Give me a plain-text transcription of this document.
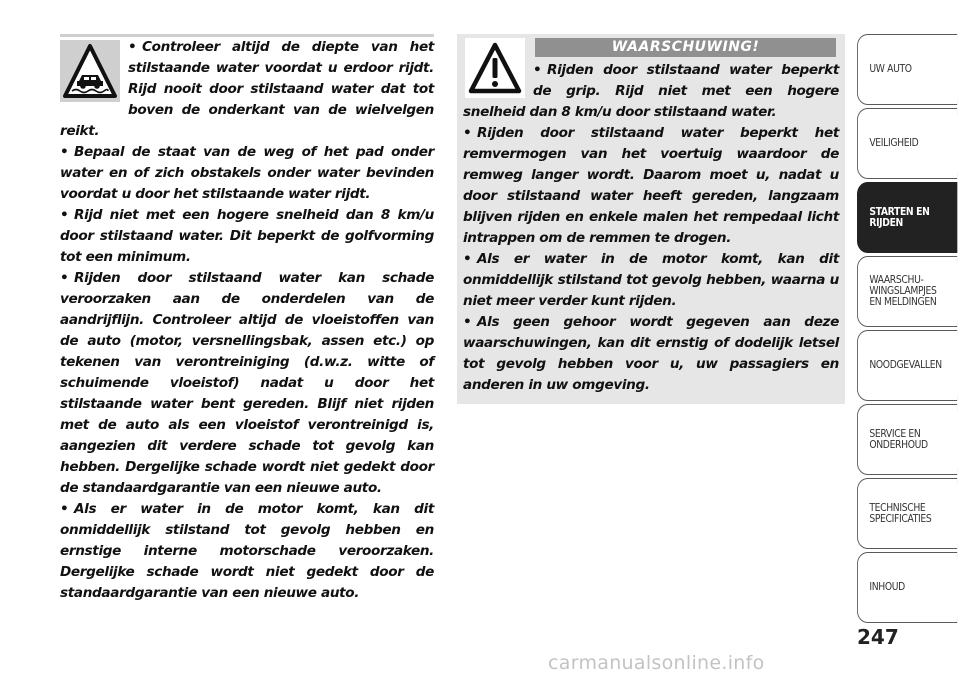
• Controleer altijd de diepte van het stilstaande water voordat u erdoor rijdt. Rijd nooit door stilstaand water dat tot boven de onderkant van de wielvelgen reikt.
• Bepaal de staat van de weg of het pad onder water en of zich obstakels onder water bevinden voordat u door het stilstaande water rijdt.
• Rijd niet met een hogere snelheid dan 8 km/u door stilstaand water. Dit beperkt de golfvorming tot een minimum.
• Rijden door stilstaand water kan schade veroorzaken aan de onderdelen van de aandrijflijn. Controleer altijd de vloeistoffen van de auto (motor, versnellingsbak, assen etc.) op tekenen van verontreiniging (d.w.z. witte of schuimende vloeistof) nadat u door het stilstaande water bent gereden. Blijf niet rijden met de auto als een vloeistof verontreinigd is, aangezien dit verdere schade tot gevolg kan hebben. Dergelijke schade wordt niet gedekt door de standaardgarantie van een nieuwe auto.
• Als er water in de motor komt, kan dit onmiddellijk stilstand tot gevolg hebben en ernstige interne motorschade veroorzaken. Dergelijke schade wordt niet gedekt door de standaardgarantie van een nieuwe auto.
WAARSCHUWING!
• Rijden door stilstaand water beperkt de grip. Rijd niet met een hogere snelheid dan 8 km/u door stilstaand water.
• Rijden door stilstaand water beperkt het remvermogen van het voertuig waardoor de remweg langer wordt. Daarom moet u, nadat u door stilstaand water heeft gereden, langzaam blijven rijden en enkele malen het rempedaal licht intrappen om de remmen te drogen.
• Als er water in de motor komt, kan dit onmiddellijk stilstand tot gevolg hebben, waarna u niet meer verder kunt rijden.
• Als geen gehoor wordt gegeven aan deze waarschuwingen, kan dit ernstig of dodelijk letsel tot gevolg hebben voor u, uw passagiers en anderen in uw omgeving.
UW AUTO
VEILIGHEID
STARTEN EN
RIJDEN
WAARSCHU-
WINGSLAMPJES
EN MELDINGEN
NOODGEVALLEN
SERVICE EN
ONDERHOUD
TECHNISCHE
SPECIFICATIES
INHOUD
247
carmanualsonline.info
